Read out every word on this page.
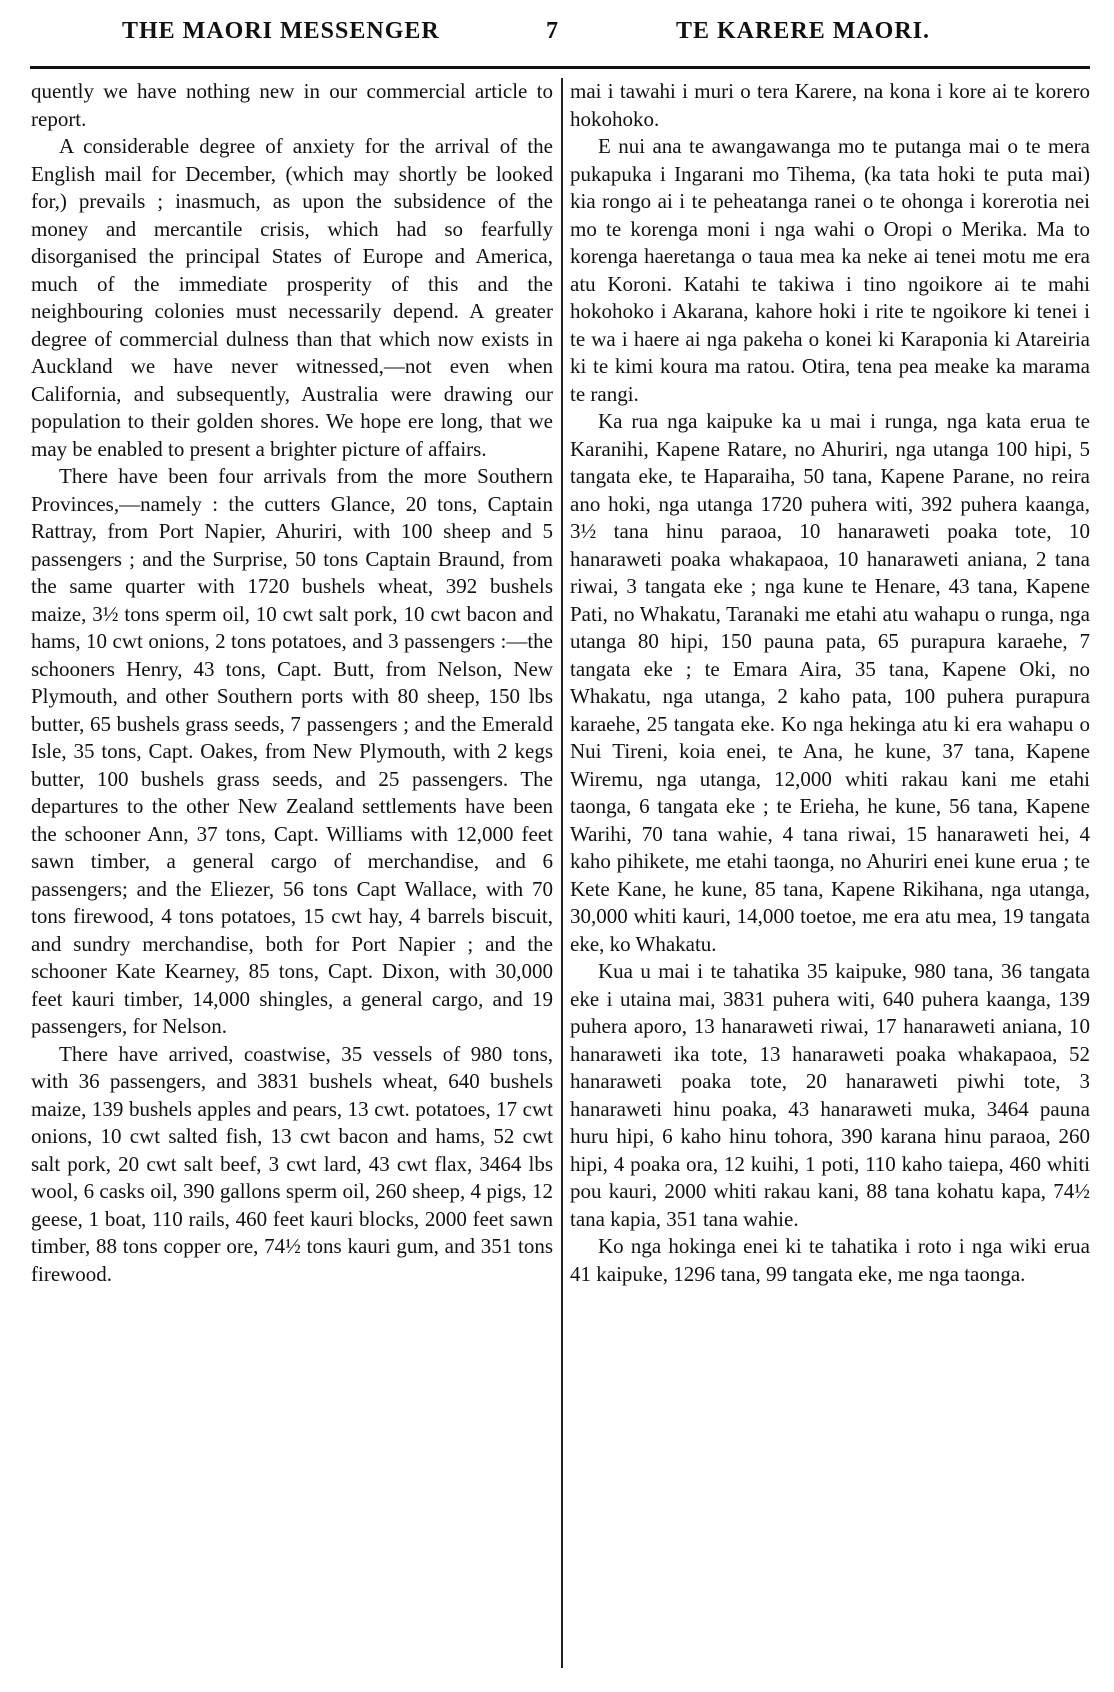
THE MAORI MESSENGER	7	TE KARERE MAORI.

quently we have nothing new in our commercial article to report.

A considerable degree of anxiety for the arrival of the English mail for December, (which may shortly be looked for,) prevails ; inasmuch, as upon the subsidence of the money and mercantile crisis, which had so fearfully disorganised the principal States of Europe and America, much of the immediate prosperity of this and the neighbouring colonies must necessarily depend. A greater degree of commercial dulness than that which now exists in Auckland we have never witnessed,—not even when California, and subsequently, Australia were drawing our population to their golden shores. We hope ere long, that we may be enabled to present a brighter picture of affairs.

There have been four arrivals from the more Southern Provinces,—namely : the cutters Glance, 20 tons, Captain Rattray, from Port Napier, Ahuriri, with 100 sheep and 5 passengers ; and the Surprise, 50 tons Captain Braund, from the same quarter with 1720 bushels wheat, 392 bushels maize, 3½ tons sperm oil, 10 cwt salt pork, 10 cwt bacon and hams, 10 cwt onions, 2 tons potatoes, and 3 passengers :—the schooners Henry, 43 tons, Capt. Butt, from Nelson, New Plymouth, and other Southern ports with 80 sheep, 150 lbs butter, 65 bushels grass seeds, 7 passengers ; and the Emerald Isle, 35 tons, Capt. Oakes, from New Plymouth, with 2 kegs butter, 100 bushels grass seeds, and 25 passengers. The departures to the other New Zealand settlements have been the schooner Ann, 37 tons, Capt. Williams with 12,000 feet sawn timber, a general cargo of merchandise, and 6 passengers; and the Eliezer, 56 tons Capt Wallace, with 70 tons firewood, 4 tons potatoes, 15 cwt hay, 4 barrels biscuit, and sundry merchandise, both for Port Napier ; and the schooner Kate Kearney, 85 tons, Capt. Dixon, with 30,000 feet kauri timber, 14,000 shingles, a general cargo, and 19 passengers, for Nelson.

There have arrived, coastwise, 35 vessels of 980 tons, with 36 passengers, and 3831 bushels wheat, 640 bushels maize, 139 bushels apples and pears, 13 cwt. potatoes, 17 cwt onions, 10 cwt salted fish, 13 cwt bacon and hams, 52 cwt salt pork, 20 cwt salt beef, 3 cwt lard, 43 cwt flax, 3464 lbs wool, 6 casks oil, 390 gallons sperm oil, 260 sheep, 4 pigs, 12 geese, 1 boat, 110 rails, 460 feet kauri blocks, 2000 feet sawn timber, 88 tons copper ore, 74½ tons kauri gum, and 351 tons firewood.

mai i tawahi i muri o tera Karere, na kona i kore ai te korero hokohoko.

E nui ana te awangawanga mo te putanga mai o te mera pukapuka i Ingarani mo Tihema, (ka tata hoki te puta mai) kia rongo ai i te peheatanga ranei o te ohonga i korerotia nei mo te korenga moni i nga wahi o Oropi o Merika. Ma to korenga haeretanga o taua mea ka neke ai tenei motu me era atu Koroni. Katahi te takiwa i tino ngoikore ai te mahi hokohoko i Akarana, kahore hoki i rite te ngoikore ki tenei i te wa i haere ai nga pakeha o konei ki Karaponia ki Atareiria ki te kimi koura ma ratou. Otira, tena pea meake ka marama te rangi.

Ka rua nga kaipuke ka u mai i runga, nga kata erua te Karanihi, Kapene Ratare, no Ahuriri, nga utanga 100 hipi, 5 tangata eke, te Haparaiha, 50 tana, Kapene Parane, no reira ano hoki, nga utanga 1720 puhera witi, 392 puhera kaanga, 3½ tana hinu paraoa, 10 hanaraweti poaka tote, 10 hanaraweti poaka whakapaoa, 10 hanaraweti aniana, 2 tana riwai, 3 tangata eke ; nga kune te Henare, 43 tana, Kapene Pati, no Whakatu, Taranaki me etahi atu wahapu o runga, nga utanga 80 hipi, 150 pauna pata, 65 purapura karaehe, 7 tangata eke ; te Emara Aira, 35 tana, Kapene Oki, no Whakatu, nga utanga, 2 kaho pata, 100 puhera purapura karaehe, 25 tangata eke. Ko nga hekinga atu ki era wahapu o Nui Tireni, koia enei, te Ana, he kune, 37 tana, Kapene Wiremu, nga utanga, 12,000 whiti rakau kani me etahi taonga, 6 tangata eke ; te Erieha, he kune, 56 tana, Kapene Warihi, 70 tana wahie, 4 tana riwai, 15 hanaraweti hei, 4 kaho pihikete, me etahi taonga, no Ahuriri enei kune erua ; te Kete Kane, he kune, 85 tana, Kapene Rikihana, nga utanga, 30,000 whiti kauri, 14,000 toetoe, me era atu mea, 19 tangata eke, ko Whakatu.

Kua u mai i te tahatika 35 kaipuke, 980 tana, 36 tangata eke i utaina mai, 3831 puhera witi, 640 puhera kaanga, 139 puhera aporo, 13 hanaraweti riwai, 17 hanaraweti aniana, 10 hanaraweti ika tote, 13 hanaraweti poaka whakapaoa, 52 hanaraweti poaka tote, 20 hanaraweti piwhi tote, 3 hanaraweti hinu poaka, 43 hanaraweti muka, 3464 pauna huru hipi, 6 kaho hinu tohora, 390 karana hinu paraoa, 260 hipi, 4 poaka ora, 12 kuihi, 1 poti, 110 kaho taiepa, 460 whiti pou kauri, 2000 whiti rakau kani, 88 tana kohatu kapa, 74½ tana kapia, 351 tana wahie.

Ko nga hokinga enei ki te tahatika i roto i nga wiki erua 41 kaipuke, 1296 tana, 99 tangata eke, me nga taonga.
